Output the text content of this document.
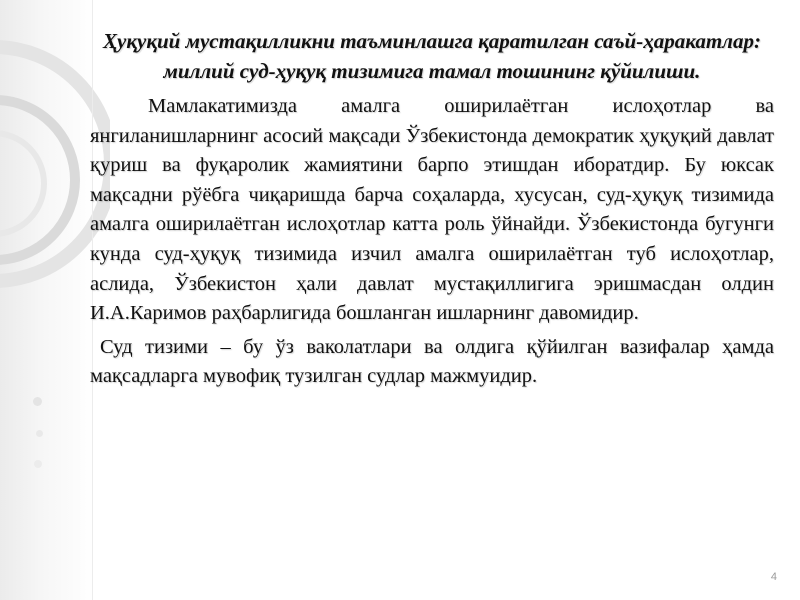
Ҳуқуқий мустақилликни таъминлашга қаратилган саъй-ҳаракатлар: миллий суд-ҳуқуқ тизимига тамал тошининг қўйилиши.

Мамлакатимизда амалга оширилаётган ислоҳотлар ва янгиланишларнинг асосий мақсади Ўзбекистонда демократик ҳуқуқий давлат қуриш ва фуқаролик жамиятини барпо этишдан иборатдир. Бу юксак мақсадни рўёбга чиқаришда барча соҳаларда, хусусан, суд-ҳуқуқ тизимида амалга оширилаётган ислоҳотлар катта роль ўйнайди. Ўзбекистонда бугунги кунда суд-ҳуқуқ тизимида изчил амалга оширилаётган туб ислоҳотлар, аслида, Ўзбекистон ҳали давлат мустақиллигига эришмасдан олдин И.А.Каримов раҳбарлигида бошланган ишларнинг давомидир.

Суд тизими – бу ўз ваколатлари ва олдига қўйилган вазифалар ҳамда мақсадларга мувофиқ тузилган судлар мажмуидир.

4
